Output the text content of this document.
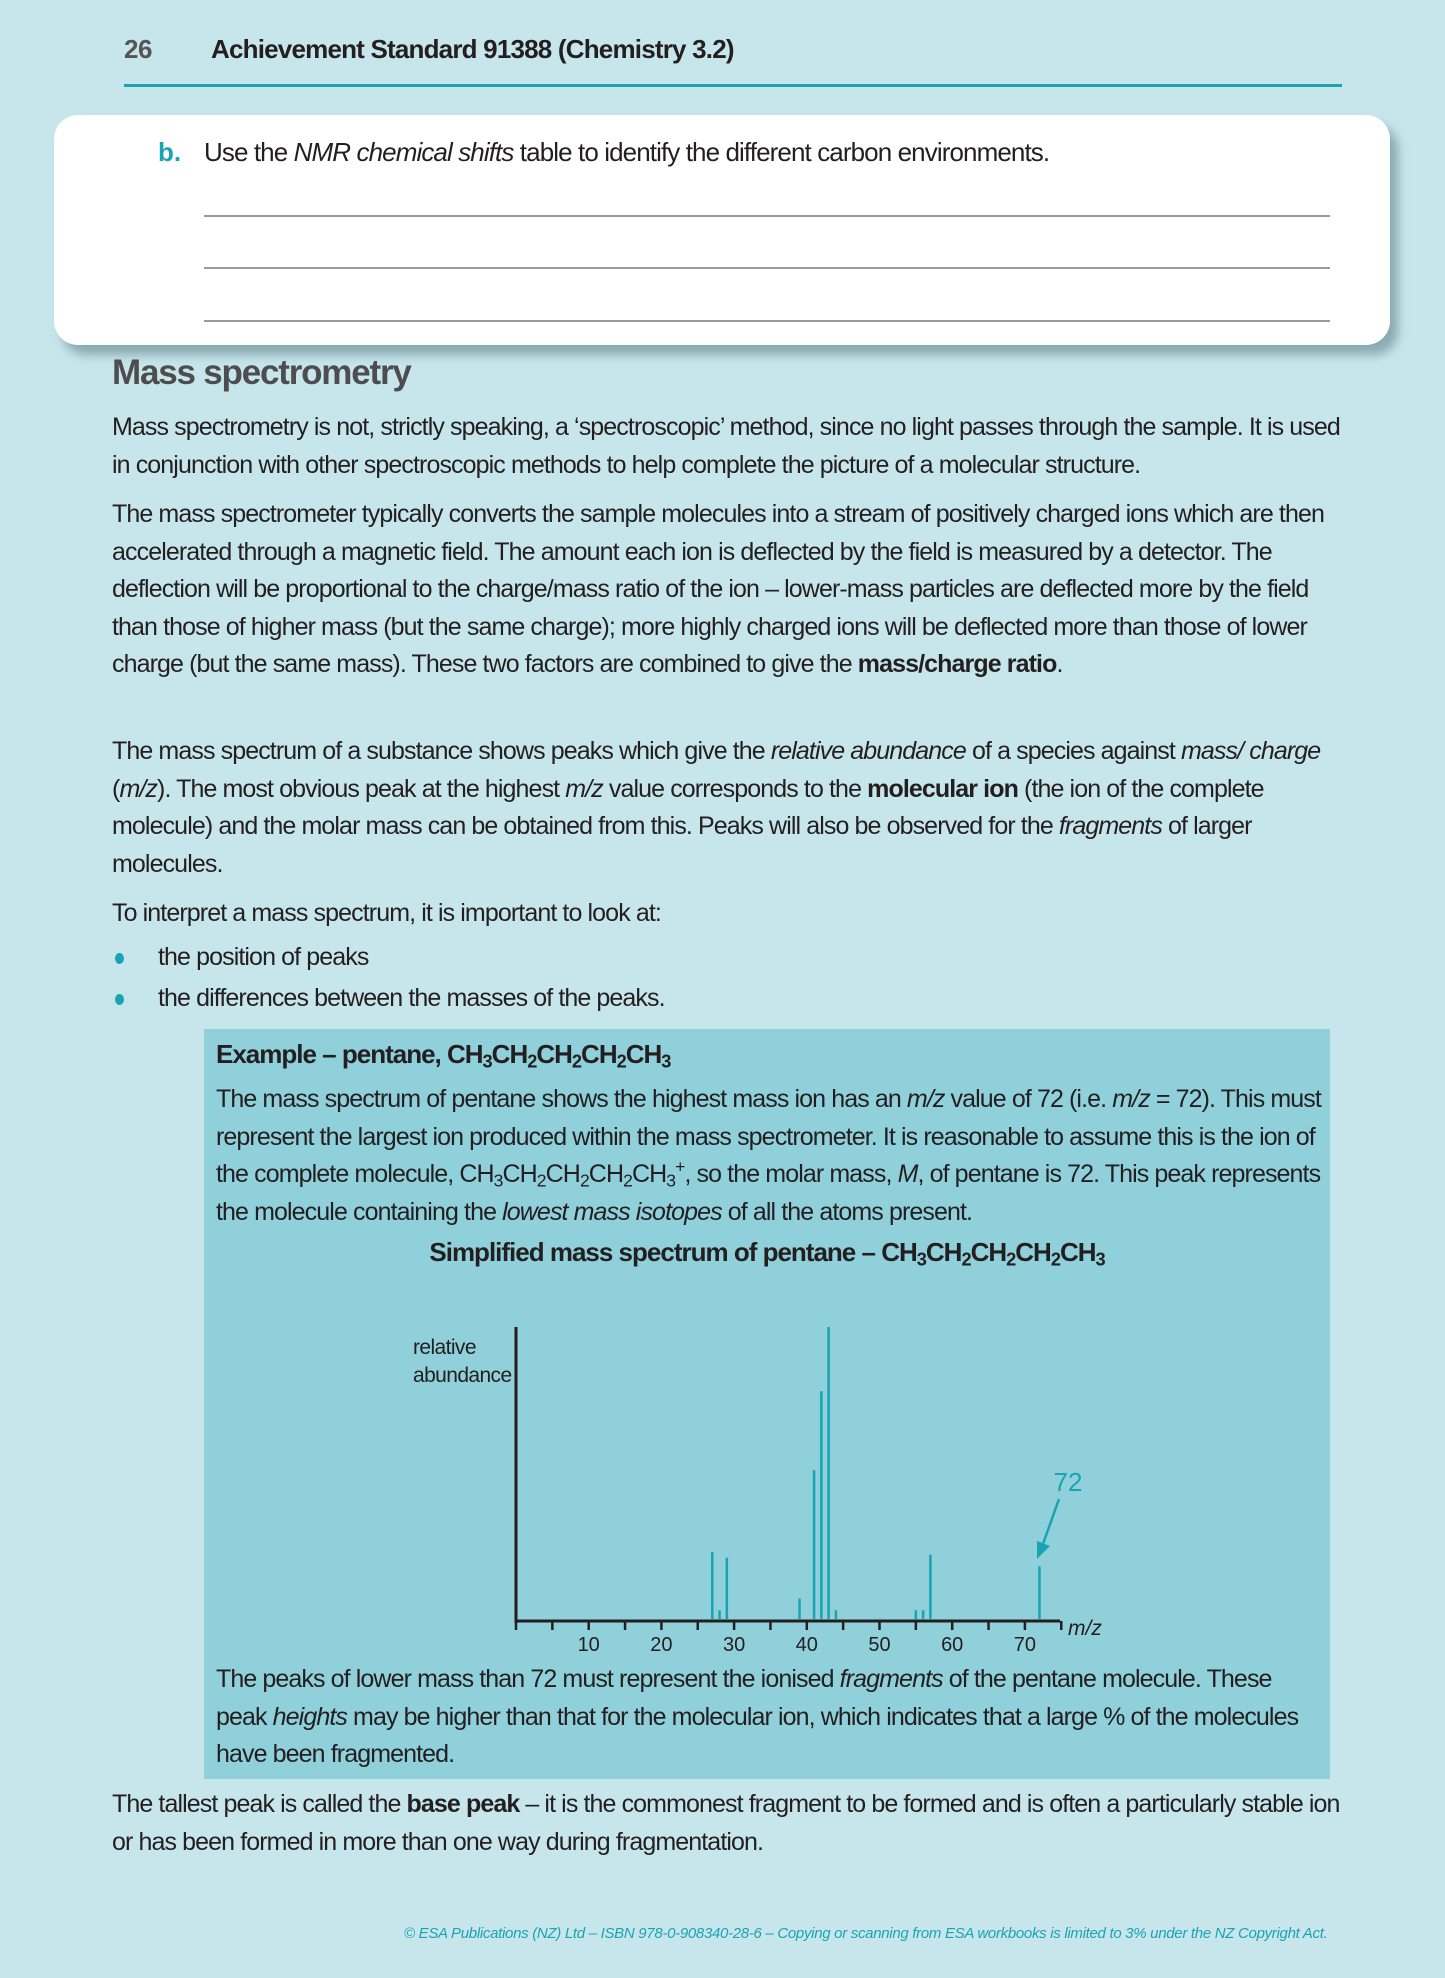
26 Achievement Standard 91388 (Chemistry 3.2)
b. Use the NMR chemical shifts table to identify the different carbon environments.
Mass spectrometry

Mass spectrometry is not, strictly speaking, a ‘spectroscopic’ method, since no light passes through the sample. It is used in conjunction with other spectroscopic methods to help complete the picture of a molecular structure.

The mass spectrometer typically converts the sample molecules into a stream of positively charged ions which are then accelerated through a magnetic field. The amount each ion is deflected by the field is measured by a detector. The deflection will be proportional to the charge/mass ratio of the ion – lower-mass particles are deflected more by the field than those of higher mass (but the same charge); more highly charged ions will be deflected more than those of lower charge (but the same mass). These two factors are combined to give the mass/charge ratio.

The mass spectrum of a substance shows peaks which give the relative abundance of a species against mass/ charge (m/z). The most obvious peak at the highest m/z value corresponds to the molecular ion (the ion of the complete molecule) and the molar mass can be obtained from this. Peaks will also be observed for the fragments of larger molecules.

To interpret a mass spectrum, it is important to look at:

the position of peaks
the differences between the masses of the peaks.
Example – pentane, $CH_3CH_2CH_2CH_2CH_3$
The mass spectrum of pentane shows the highest mass ion has an m/z value of 72 (i.e. m/z = 72). This must represent the largest ion produced within the mass spectrometer. It is reasonable to assume this is the ion of the complete molecule, $CH_3CH_2CH_2CH_2CH_3^+$, so the molar mass, M, of pentane is 72. This peak represents the molecule containing the lowest mass isotopes of all the atoms present.
Simplified mass spectrum of pentane – $CH_3CH_2CH_2CH_2CH_3$
relative
abundance
10	20	30	40	50	60	70
m/z
72
The peaks of lower mass than 72 must represent the ionised fragments of the pentane molecule. These peak heights may be higher than that for the molecular ion, which indicates that a large % of the molecules have been fragmented.

The tallest peak is called the base peak – it is the commonest fragment to be formed and is often a particularly stable ion or has been formed in more than one way during fragmentation.

© ESA Publications (NZ) Ltd – ISBN 978-0-908340-28-6 – Copying or scanning from ESA workbooks is limited to 3% under the NZ Copyright Act.
